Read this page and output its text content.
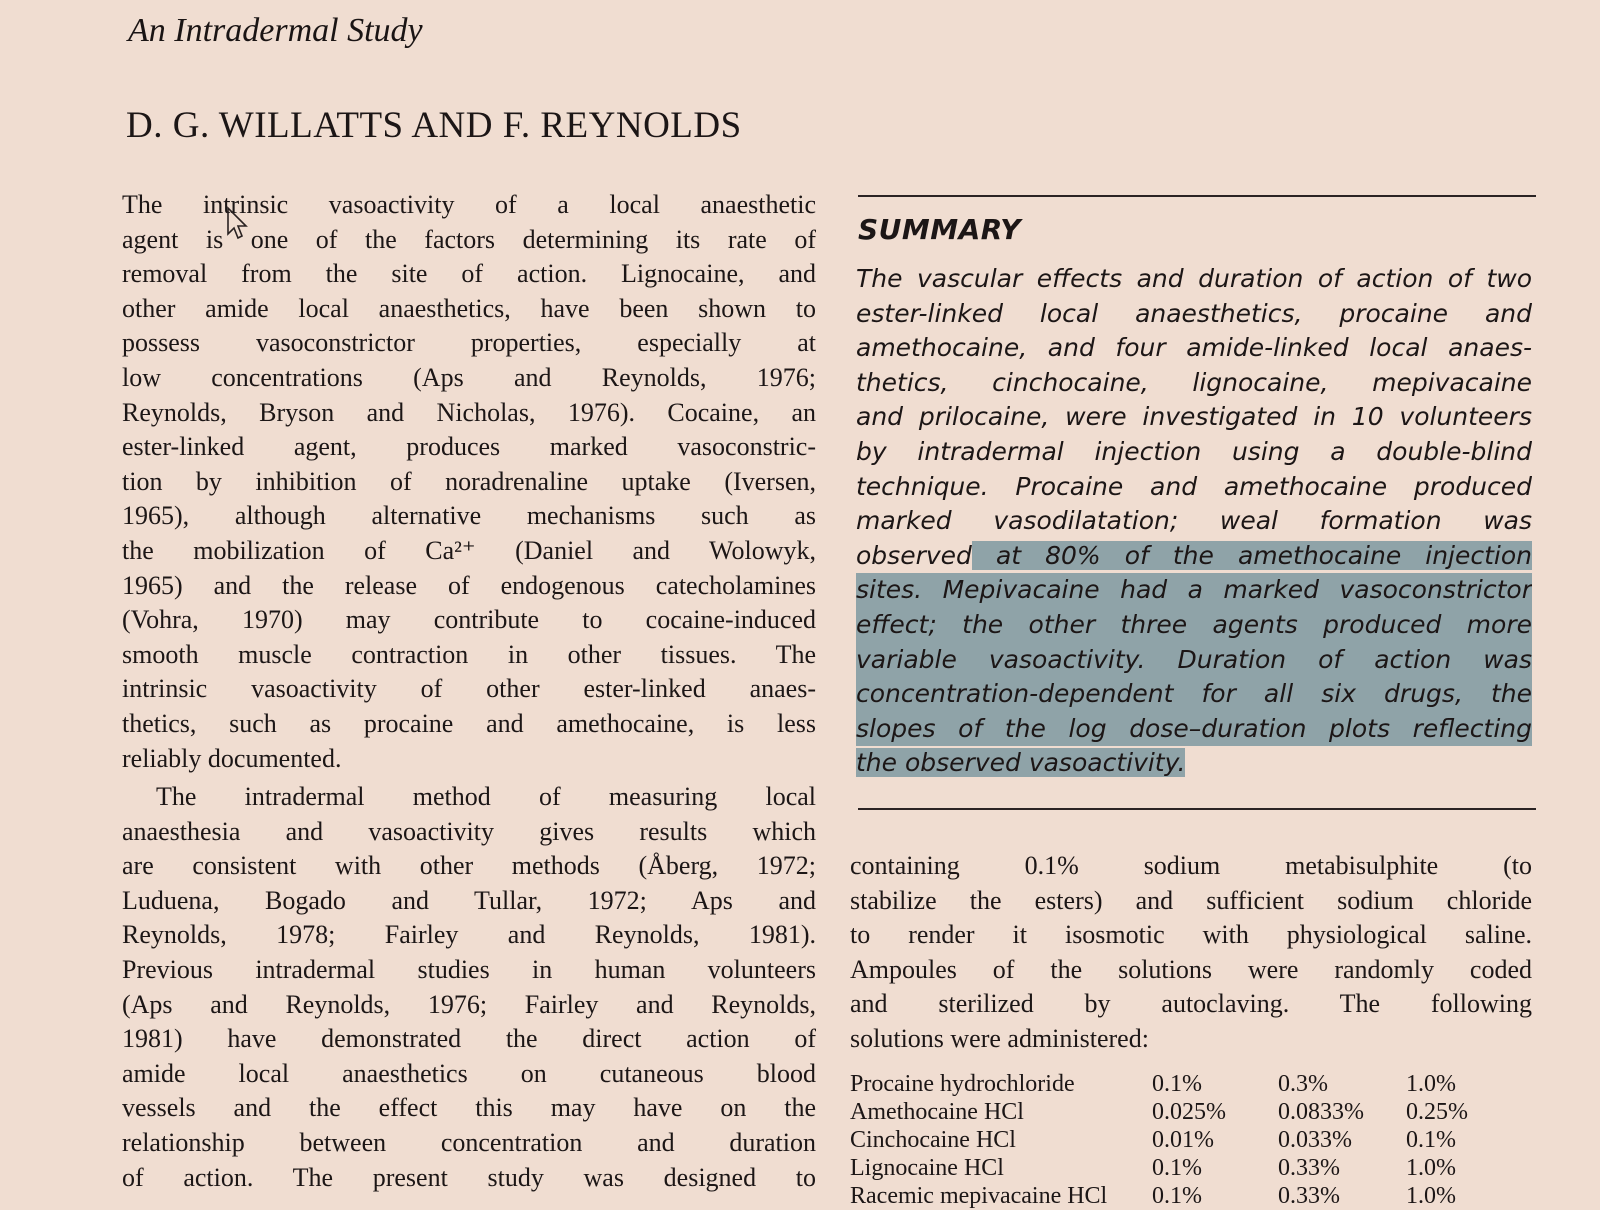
An Intradermal Study
D. G. WILLATTS AND F. REYNOLDS
The intrinsic vasoactivity of a local anaesthetic
agent is one of the factors determining its rate of
removal from the site of action. Lignocaine, and
other amide local anaesthetics, have been shown to
possess vasoconstrictor properties, especially at
low concentrations (Aps and Reynolds, 1976;
Reynolds, Bryson and Nicholas, 1976). Cocaine, an
ester-linked agent, produces marked vasoconstric-
tion by inhibition of noradrenaline uptake (Iversen,
1965), although alternative mechanisms such as
the mobilization of Ca²⁺ (Daniel and Wolowyk,
1965) and the release of endogenous catecholamines
(Vohra, 1970) may contribute to cocaine-induced
smooth muscle contraction in other tissues. The
intrinsic vasoactivity of other ester-linked anaes-
thetics, such as procaine and amethocaine, is less
reliably documented.
The intradermal method of measuring local
anaesthesia and vasoactivity gives results which
are consistent with other methods (Åberg, 1972;
Luduena, Bogado and Tullar, 1972; Aps and
Reynolds, 1978; Fairley and Reynolds, 1981).
Previous intradermal studies in human volunteers
(Aps and Reynolds, 1976; Fairley and Reynolds,
1981) have demonstrated the direct action of
amide local anaesthetics on cutaneous blood
vessels and the effect this may have on the
relationship between concentration and duration
of action. The present study was designed to
SUMMARY
The vascular effects and duration of action of two
ester-linked local anaesthetics, procaine and
amethocaine, and four amide-linked local anaes-
thetics, cinchocaine, lignocaine, mepivacaine
and prilocaine, were investigated in 10 volunteers
by intradermal injection using a double-blind
technique. Procaine and amethocaine produced
marked vasodilatation; weal formation was
observed at 80% of the amethocaine injection
sites. Mepivacaine had a marked vasoconstrictor
effect; the other three agents produced more
variable vasoactivity. Duration of action was
concentration-dependent for all six drugs, the
slopes of the log dose–duration plots reflecting
the observed vasoactivity.
containing 0.1% sodium metabisulphite (to
stabilize the esters) and sufficient sodium chloride
to render it isosmotic with physiological saline.
Ampoules of the solutions were randomly coded
and sterilized by autoclaving. The following
solutions were administered:
Procaine hydrochloride	0.1%	0.3%	1.0%
Amethocaine HCl	0.025% 0.0833% 0.25%
Cinchocaine HCl	0.01%	0.033% 0.1%
Lignocaine HCl	0.1%	0.33%	1.0%
Racemic mepivacaine HCl 0.1%	0.33%	1.0%
